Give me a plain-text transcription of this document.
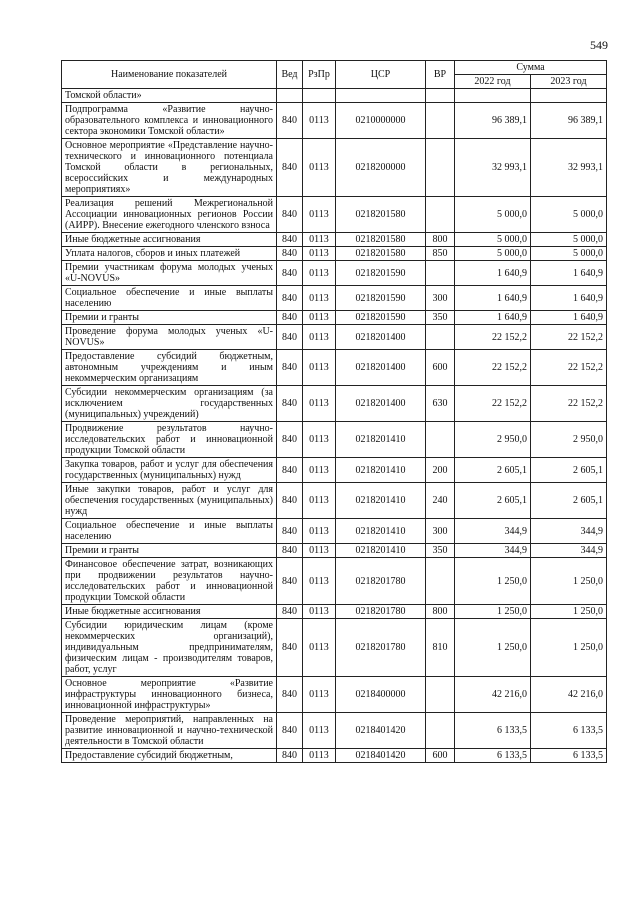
549
Наименование показателей	Вед	РзПр	ЦСР	ВР	Сумма	
					2022 год	2023 год
Томской области»						
Подпрограмма «Развитие научно-образовательного комплекса и инновационного сектора экономики Томской области»	840	0113	0210000000		96 389,1	96 389,1
Основное мероприятие «Представление научно-технического и инновационного потенциала Томской области в региональных, всероссийских и международных мероприятиях»	840	0113	0218200000		32 993,1	32 993,1
Реализация решений Межрегиональной Ассоциации инновационных регионов России (АИРР). Внесение ежегодного членского взноса	840	0113	0218201580		5 000,0	5 000,0
Иные бюджетные ассигнования	840	0113	0218201580	800	5 000,0	5 000,0
Уплата налогов, сборов и иных платежей	840	0113	0218201580	850	5 000,0	5 000,0
Премии участникам форума молодых ученых «U-NOVUS»	840	0113	0218201590		1 640,9	1 640,9
Социальное обеспечение и иные выплаты населению	840	0113	0218201590	300	1 640,9	1 640,9
Премии и гранты	840	0113	0218201590	350	1 640,9	1 640,9
Проведение форума молодых ученых «U-NOVUS»	840	0113	0218201400		22 152,2	22 152,2
Предоставление субсидий бюджетным, автономным учреждениям и иным некоммерческим организациям	840	0113	0218201400	600	22 152,2	22 152,2
Субсидии некоммерческим организациям (за исключением государственных (муниципальных) учреждений)	840	0113	0218201400	630	22 152,2	22 152,2
Продвижение результатов научно-исследовательских работ и инновационной продукции Томской области	840	0113	0218201410		2 950,0	2 950,0
Закупка товаров, работ и услуг для обеспечения государственных (муниципальных) нужд	840	0113	0218201410	200	2 605,1	2 605,1
Иные закупки товаров, работ и услуг для обеспечения государственных (муниципальных) нужд	840	0113	0218201410	240	2 605,1	2 605,1
Социальное обеспечение и иные выплаты населению	840	0113	0218201410	300	344,9	344,9
Премии и гранты	840	0113	0218201410	350	344,9	344,9
Финансовое обеспечение затрат, возникающих при продвижении результатов научно-исследовательских работ и инновационной продукции Томской области	840	0113	0218201780		1 250,0	1 250,0
Иные бюджетные ассигнования	840	0113	0218201780	800	1 250,0	1 250,0
Субсидии юридическим лицам (кроме некоммерческих организаций), индивидуальным предпринимателям, физическим лицам - производителям товаров, работ, услуг	840	0113	0218201780	810	1 250,0	1 250,0
Основное мероприятие «Развитие инфраструктуры инновационного бизнеса, инновационной инфраструктуры»	840	0113	0218400000		42 216,0	42 216,0
Проведение мероприятий, направленных на развитие инновационной и научно-технической деятельности в Томской области	840	0113	0218401420		6 133,5	6 133,5
Предоставление субсидий бюджетным,	840	0113	0218401420	600	6 133,5	6 133,5
